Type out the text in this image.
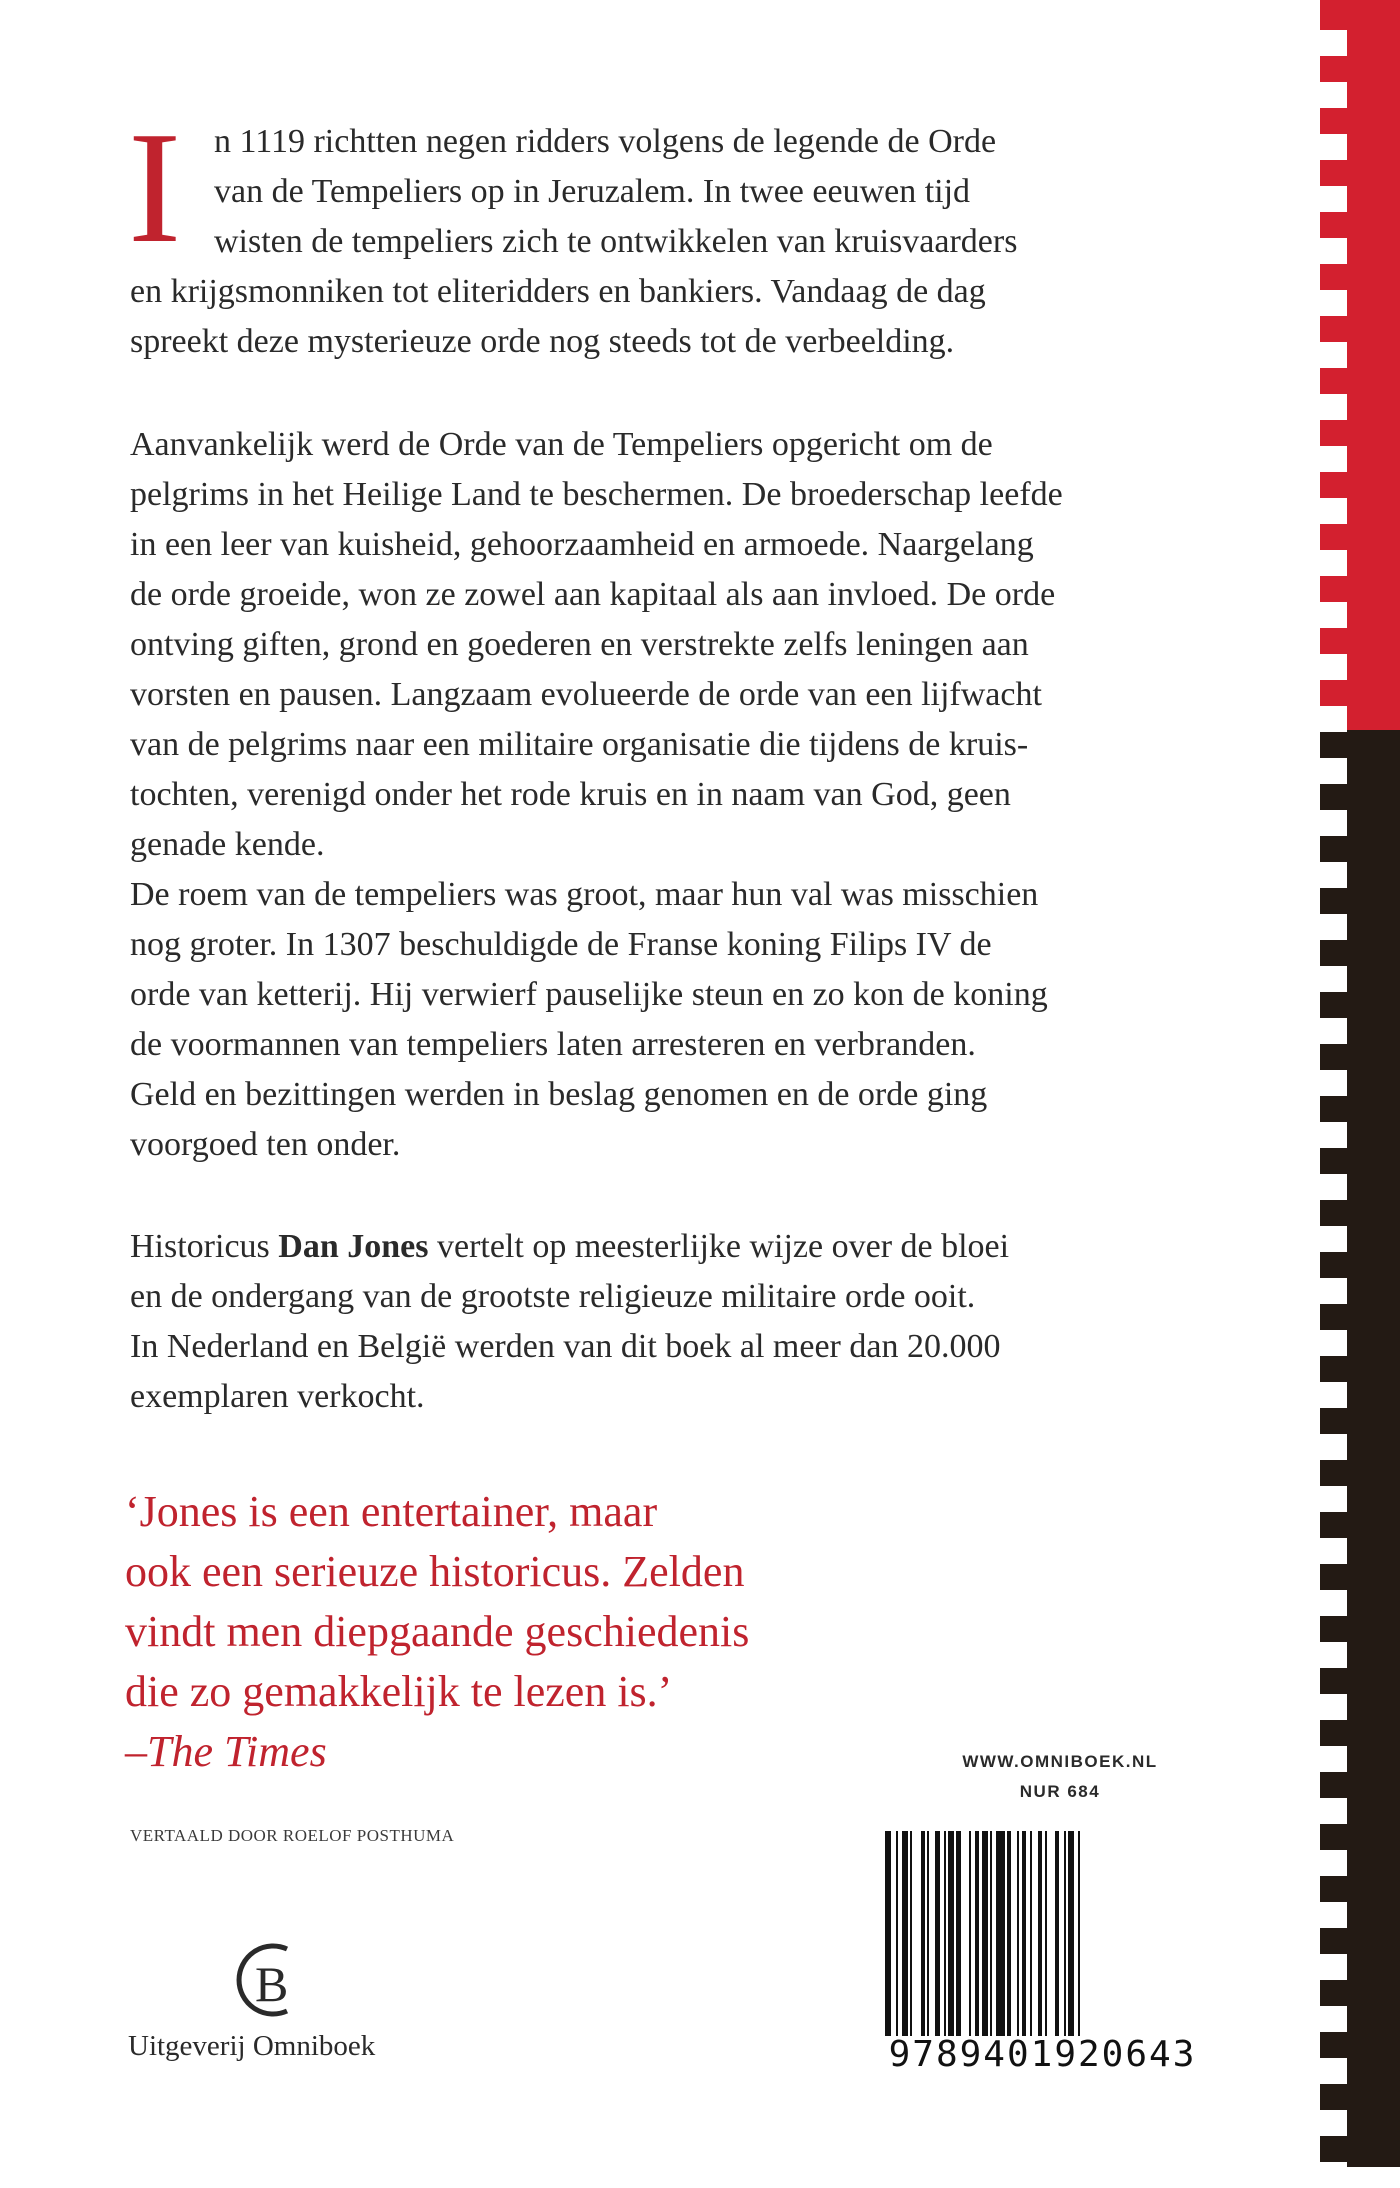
I n 1119 richtten negen ridders volgens de legende de Orde
van de Tempeliers op in Jeruzalem. In twee eeuwen tijd
wisten de tempeliers zich te ontwikkelen van kruisvaarders
en krijgsmonniken tot eliteridders en bankiers. Vandaag de dag
spreekt deze mysterieuze orde nog steeds tot de verbeelding.
Aanvankelijk werd de Orde van de Tempeliers opgericht om de
pelgrims in het Heilige Land te beschermen. De broederschap leefde
in een leer van kuisheid, gehoorzaamheid en armoede. Naargelang
de orde groeide, won ze zowel aan kapitaal als aan invloed. De orde
ontving giften, grond en goederen en verstrekte zelfs leningen aan
vorsten en pausen. Langzaam evolueerde de orde van een lijfwacht
van de pelgrims naar een militaire organisatie die tijdens de kruis-
tochten, verenigd onder het rode kruis en in naam van God, geen
genade kende.
De roem van de tempeliers was groot, maar hun val was misschien
nog groter. In 1307 beschuldigde de Franse koning Filips IV de
orde van ketterij. Hij verwierf pauselijke steun en zo kon de koning
de voormannen van tempeliers laten arresteren en verbranden.
Geld en bezittingen werden in beslag genomen en de orde ging
voorgoed ten onder.
Historicus Dan Jones vertelt op meesterlijke wijze over de bloei
en de ondergang van de grootste religieuze militaire orde ooit.
In Nederland en België werden van dit boek al meer dan 20.000
exemplaren verkocht.
‘Jones is een entertainer, maar
ook een serieuze historicus. Zelden
vindt men diepgaande geschiedenis
die zo gemakkelijk te lezen is.’
–The Times
VERTAALD DOOR ROELOF POSTHUMA
B
Uitgeverij Omniboek
WWW.OMNIBOEK.NL
NUR 684
9789401920643
